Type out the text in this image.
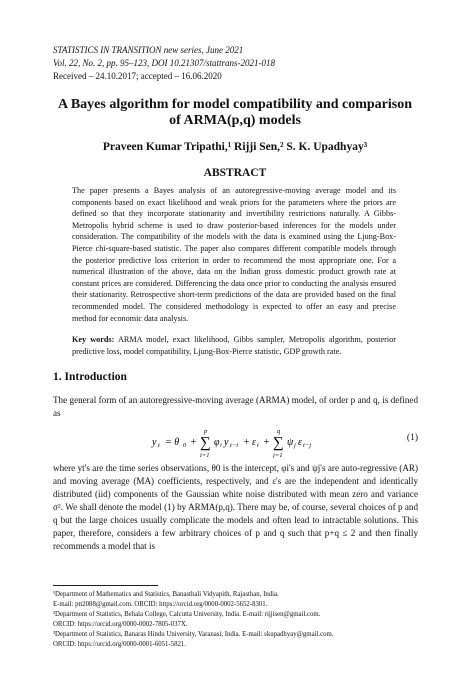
STATISTICS IN TRANSITION new series, June 2021
Vol. 22, No. 2, pp. 95–123, DOI 10.21307/stattrans-2021-018
Received – 24.10.2017; accepted – 16.06.2020
A Bayes algorithm for model compatibility and comparison
of ARMA(p,q) models
Praveen Kumar Tripathi,¹ Rijji Sen,² S. K. Upadhyay³
ABSTRACT
The paper presents a Bayes analysis of an autoregressive-moving average model and its components based on exact likelihood and weak priors for the parameters where the priors are defined so that they incorporate stationarity and invertibility restrictions naturally. A Gibbs-Metropolis hybrid scheme is used to draw posterior-based inferences for the models under consideration. The compatibility of the models with the data is examined using the Ljung-Box-Pierce chi-square-based statistic. The paper also compares different compatible models through the posterior predictive loss criterion in order to recommend the most appropriate one. For a numerical illustration of the above, data on the Indian gross domestic product growth rate at constant prices are considered. Differencing the data once prior to conducting the analysis ensured their stationarity. Retrospective short-term predictions of the data are provided based on the final recommended model. The considered methodology is expected to offer an easy and precise method for economic data analysis.
Key words: ARMA model, exact likelihood, Gibbs sampler, Metropolis algorithm, posterior predictive loss, model compatibility, Ljung-Box-Pierce statistic, GDP growth rate.
1. Introduction
The general form of an autoregressive-moving average (ARMA) model, of order p and q, is defined as
y t = θ 0 + ∑
p
i=1
φ i y t−i + ε t + ∑
q
j=1
ψ j ε t−j
(1)
where yt's are the time series observations, θ0 is the intercept, φi's and ψj's are auto-regressive (AR) and moving average (MA) coefficients, respectively, and ε's are the independent and identically distributed (iid) components of the Gaussian white noise distributed with mean zero and variance σ². We shall denote the model (1) by ARMA(p,q). There may be, of course, several choices of p and q but the large choices usually complicate the models and often lead to intractable solutions. This paper, therefore, considers a few arbitrary choices of p and q such that p+q ≤ 2 and then finally recommends a model that is
¹Department of Mathematics and Statistics, Banasthali Vidyapith, Rajasthan, India.
E-mail: ptt2088@gmail.com. ORCID: https://orcid.org/0000-0002-5652-8301.
²Department of Statistics, Behala College, Calcutta University, India. E-mail: rijjisen@gmail.com.
ORCID: https://orcid.org/0000-0002-7805-037X.
³Department of Statistics, Banaras Hindu University, Varanasi, India. E-mail: skupadhyay@gmail.com.
ORCID: https://orcid.org/0000-0001-6051-5821.
